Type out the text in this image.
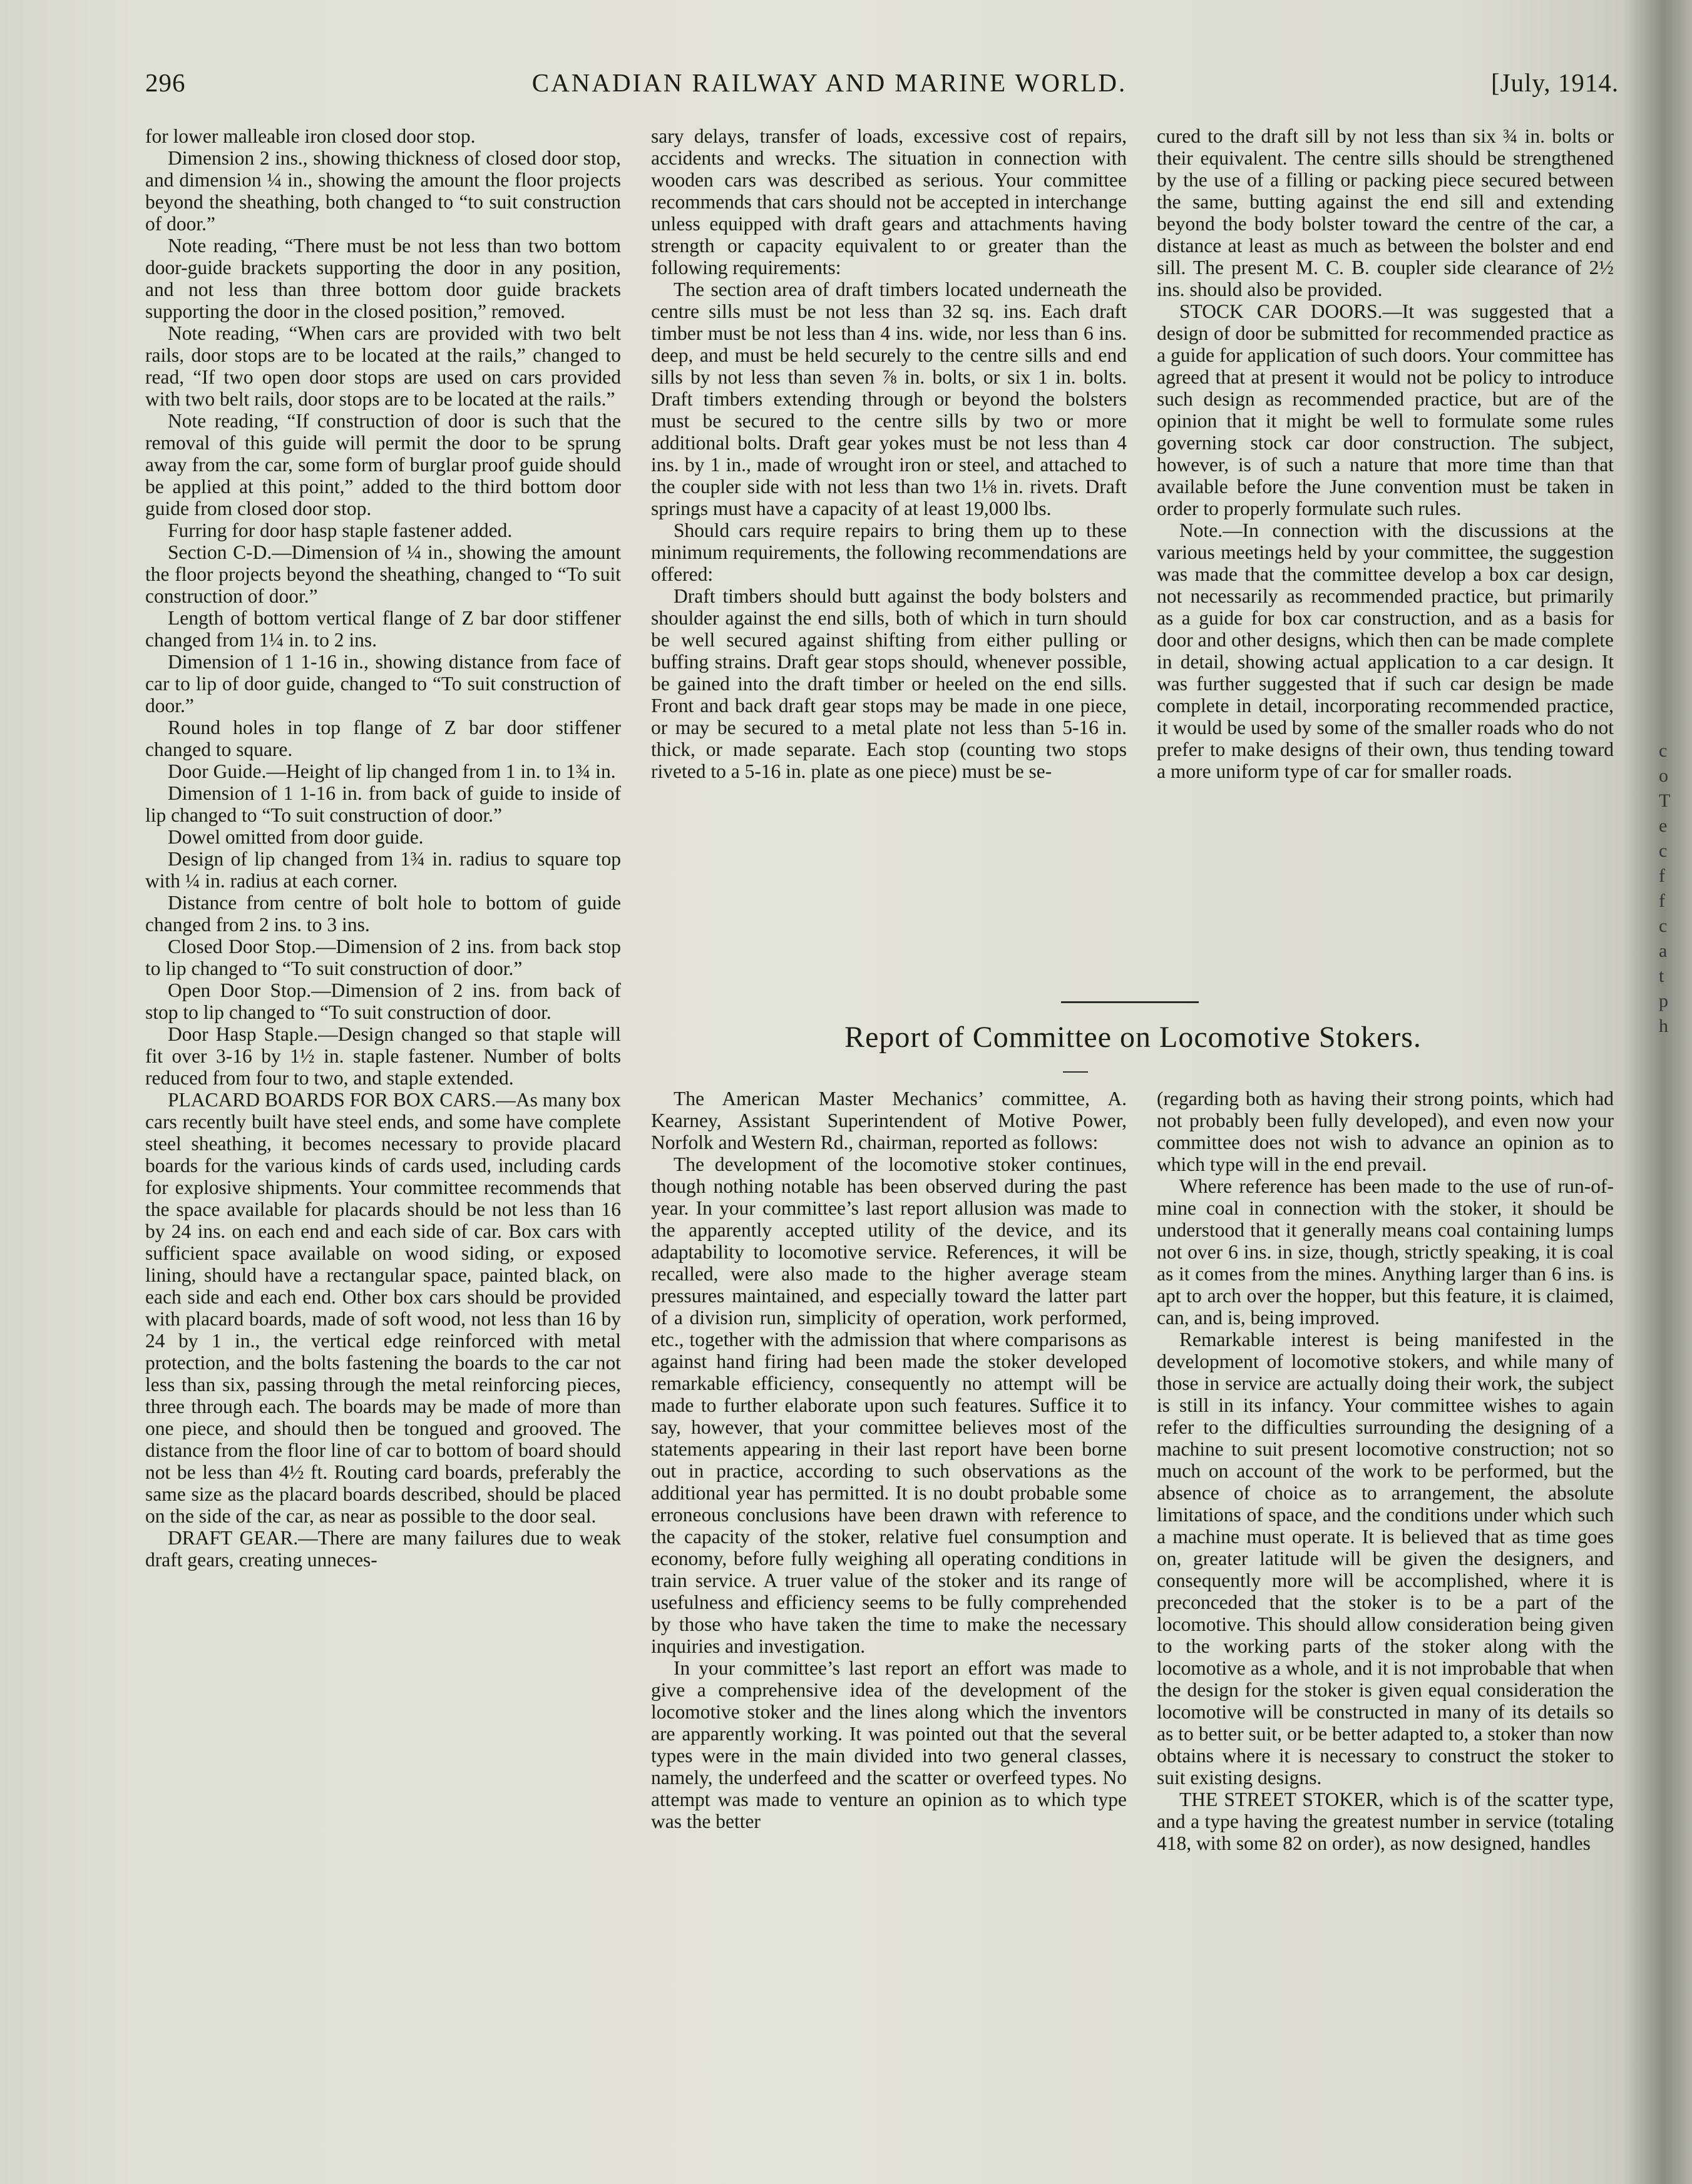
296	CANADIAN RAILWAY AND MARINE WORLD.	[July, 1914.

for lower malleable iron closed door stop.

Dimension 2 ins., showing thickness of closed door stop, and dimension ¼ in., showing the amount the floor projects beyond the sheathing, both changed to “to suit construction of door.”

Note reading, “There must be not less than two bottom door-guide brackets supporting the door in any position, and not less than three bottom door guide brackets supporting the door in the closed position,” removed.

Note reading, “When cars are provided with two belt rails, door stops are to be located at the rails,” changed to read, “If two open door stops are used on cars provided with two belt rails, door stops are to be located at the rails.”

Note reading, “If construction of door is such that the removal of this guide will permit the door to be sprung away from the car, some form of burglar proof guide should be applied at this point,” added to the third bottom door guide from closed door stop.

Furring for door hasp staple fastener added.

Section C-D.—Dimension of ¼ in., showing the amount the floor projects beyond the sheathing, changed to “To suit construction of door.”

Length of bottom vertical flange of Z bar door stiffener changed from 1¼ in. to 2 ins.

Dimension of 1 1-16 in., showing distance from face of car to lip of door guide, changed to “To suit construction of door.”

Round holes in top flange of Z bar door stiffener changed to square.

Door Guide.—Height of lip changed from 1 in. to 1¾ in.

Dimension of 1 1-16 in. from back of guide to inside of lip changed to “To suit construction of door.”

Dowel omitted from door guide.

Design of lip changed from 1¾ in. radius to square top with ¼ in. radius at each corner.

Distance from centre of bolt hole to bottom of guide changed from 2 ins. to 3 ins.

Closed Door Stop.—Dimension of 2 ins. from back stop to lip changed to “To suit construction of door.”

Open Door Stop.—Dimension of 2 ins. from back of stop to lip changed to “To suit construction of door.

Door Hasp Staple.—Design changed so that staple will fit over 3-16 by 1½ in. staple fastener. Number of bolts reduced from four to two, and staple extended.

PLACARD BOARDS FOR BOX CARS.—As many box cars recently built have steel ends, and some have complete steel sheathing, it becomes necessary to provide placard boards for the various kinds of cards used, including cards for explosive shipments. Your committee recommends that the space available for placards should be not less than 16 by 24 ins. on each end and each side of car. Box cars with sufficient space available on wood siding, or exposed lining, should have a rectangular space, painted black, on each side and each end. Other box cars should be provided with placard boards, made of soft wood, not less than 16 by 24 by 1 in., the vertical edge reinforced with metal protection, and the bolts fastening the boards to the car not less than six, passing through the metal reinforcing pieces, three through each. The boards may be made of more than one piece, and should then be tongued and grooved. The distance from the floor line of car to bottom of board should not be less than 4½ ft. Routing card boards, preferably the same size as the placard boards described, should be placed on the side of the car, as near as possible to the door seal.

DRAFT GEAR.—There are many failures due to weak draft gears, creating unneces-

sary delays, transfer of loads, excessive cost of repairs, accidents and wrecks. The situation in connection with wooden cars was described as serious. Your committee recommends that cars should not be accepted in interchange unless equipped with draft gears and attachments having strength or capacity equivalent to or greater than the following requirements:

The section area of draft timbers located underneath the centre sills must be not less than 32 sq. ins. Each draft timber must be not less than 4 ins. wide, nor less than 6 ins. deep, and must be held securely to the centre sills and end sills by not less than seven ⅞ in. bolts, or six 1 in. bolts. Draft timbers extending through or beyond the bolsters must be secured to the centre sills by two or more additional bolts. Draft gear yokes must be not less than 4 ins. by 1 in., made of wrought iron or steel, and attached to the coupler side with not less than two 1⅛ in. rivets. Draft springs must have a capacity of at least 19,000 lbs.

Should cars require repairs to bring them up to these minimum requirements, the following recommendations are offered:

Draft timbers should butt against the body bolsters and shoulder against the end sills, both of which in turn should be well secured against shifting from either pulling or buffing strains. Draft gear stops should, whenever possible, be gained into the draft timber or heeled on the end sills. Front and back draft gear stops may be made in one piece, or may be secured to a metal plate not less than 5-16 in. thick, or made separate. Each stop (counting two stops riveted to a 5-16 in. plate as one piece) must be se-

cured to the draft sill by not less than six ¾ in. bolts or their equivalent. The centre sills should be strengthened by the use of a filling or packing piece secured between the same, butting against the end sill and extending beyond the body bolster toward the centre of the car, a distance at least as much as between the bolster and end sill. The present M. C. B. coupler side clearance of 2½ ins. should also be provided.

STOCK CAR DOORS.—It was suggested that a design of door be submitted for recommended practice as a guide for application of such doors. Your committee has agreed that at present it would not be policy to introduce such design as recommended practice, but are of the opinion that it might be well to formulate some rules governing stock car door construction. The subject, however, is of such a nature that more time than that available before the June convention must be taken in order to properly formulate such rules.

Note.—In connection with the discussions at the various meetings held by your committee, the suggestion was made that the committee develop a box car design, not necessarily as recommended practice, but primarily as a guide for box car construction, and as a basis for door and other designs, which then can be made complete in detail, showing actual application to a car design. It was further suggested that if such car design be made complete in detail, incorporating recommended practice, it would be used by some of the smaller roads who do not prefer to make designs of their own, thus tending toward a more uniform type of car for smaller roads.

Report of Committee on Locomotive Stokers.

The American Master Mechanics’ committee, A. Kearney, Assistant Superintendent of Motive Power, Norfolk and Western Rd., chairman, reported as follows:

The development of the locomotive stoker continues, though nothing notable has been observed during the past year. In your committee’s last report allusion was made to the apparently accepted utility of the device, and its adaptability to locomotive service. References, it will be recalled, were also made to the higher average steam pressures maintained, and especially toward the latter part of a division run, simplicity of operation, work performed, etc., together with the admission that where comparisons as against hand firing had been made the stoker developed remarkable efficiency, consequently no attempt will be made to further elaborate upon such features. Suffice it to say, however, that your committee believes most of the statements appearing in their last report have been borne out in practice, according to such observations as the additional year has permitted. It is no doubt probable some erroneous conclusions have been drawn with reference to the capacity of the stoker, relative fuel consumption and economy, before fully weighing all operating conditions in train service. A truer value of the stoker and its range of usefulness and efficiency seems to be fully comprehended by those who have taken the time to make the necessary inquiries and investigation.

In your committee’s last report an effort was made to give a comprehensive idea of the development of the locomotive stoker and the lines along which the inventors are apparently working. It was pointed out that the several types were in the main divided into two general classes, namely, the underfeed and the scatter or overfeed types. No attempt was made to venture an opinion as to which type was the better

(regarding both as having their strong points, which had not probably been fully developed), and even now your committee does not wish to advance an opinion as to which type will in the end prevail.

Where reference has been made to the use of run-of-mine coal in connection with the stoker, it should be understood that it generally means coal containing lumps not over 6 ins. in size, though, strictly speaking, it is coal as it comes from the mines. Anything larger than 6 ins. is apt to arch over the hopper, but this feature, it is claimed, can, and is, being improved.

Remarkable interest is being manifested in the development of locomotive stokers, and while many of those in service are actually doing their work, the subject is still in its infancy. Your committee wishes to again refer to the difficulties surrounding the designing of a machine to suit present locomotive construction; not so much on account of the work to be performed, but the absence of choice as to arrangement, the absolute limitations of space, and the conditions under which such a machine must operate. It is believed that as time goes on, greater latitude will be given the designers, and consequently more will be accomplished, where it is preconceded that the stoker is to be a part of the locomotive. This should allow consideration being given to the working parts of the stoker along with the locomotive as a whole, and it is not improbable that when the design for the stoker is given equal consideration the locomotive will be constructed in many of its details so as to better suit, or be better adapted to, a stoker than now obtains where it is necessary to construct the stoker to suit existing designs.

THE STREET STOKER, which is of the scatter type, and a type having the greatest number in service (totaling 418, with some 82 on order), as now designed, handles

c
o
T
e
c
f
f
c
a
t
p
h
